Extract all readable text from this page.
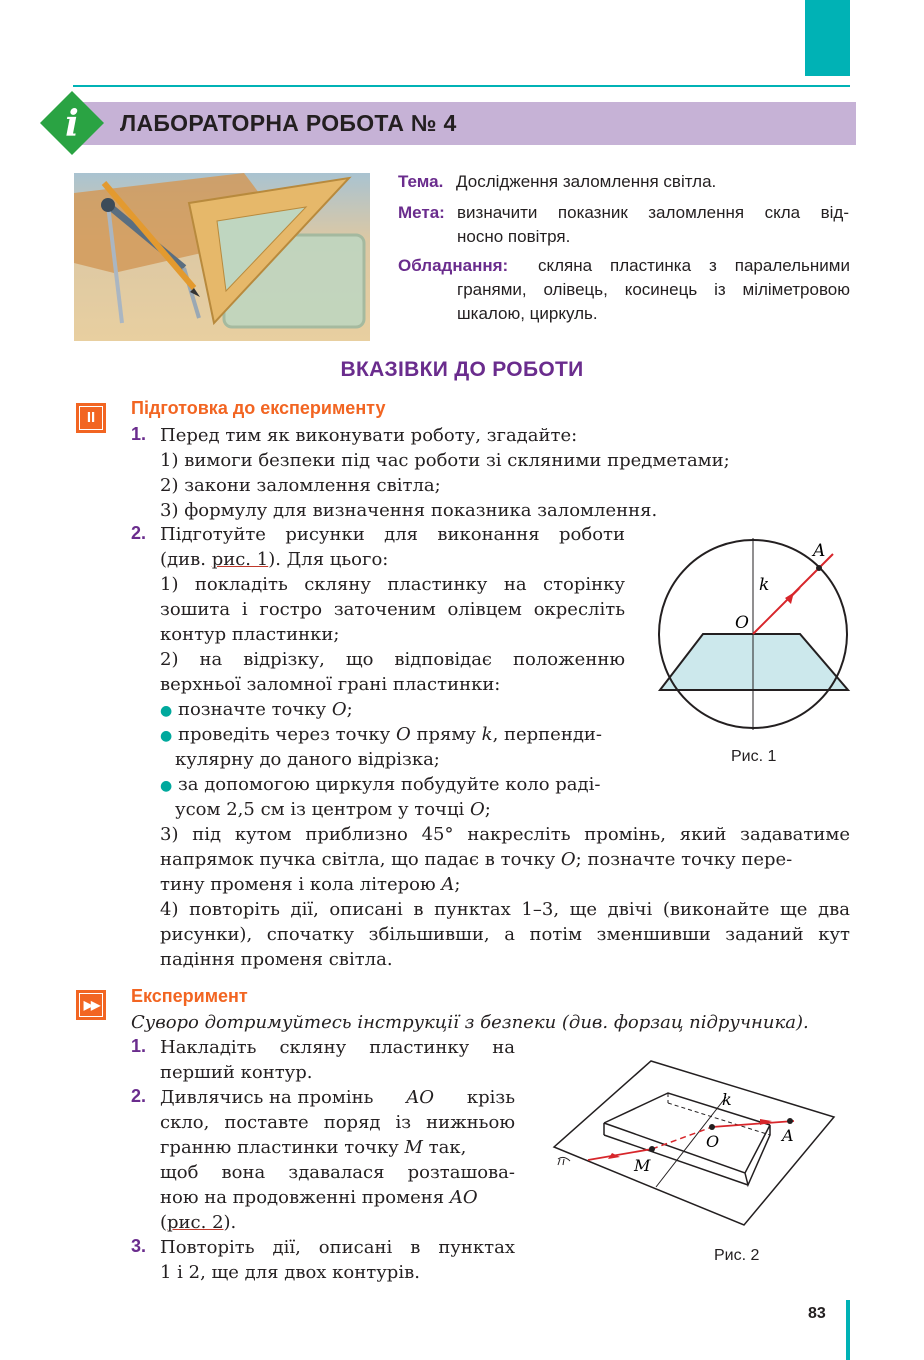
i ЛАБОРАТОРНА РОБОТА № 4
Тема. Дослідження заломлення світла.
Мета: визначити показник заломлення скла від-
носно повітря.
Обладнання: скляна пластинка з паралельними
гранями, олівець, косинець із міліметровою
шкалою, циркуль.
ВКАЗІВКИ ДО РОБОТИ
II	Підготовка до експерименту
1. Перед тим як виконувати роботу, згадайте:
1) вимоги безпеки під час роботи зі скляними предметами;
2) закони заломлення світла;
3) формулу для визначення показника заломлення.
2. Підготуйте рисунки для виконання роботи
(див. рис. 1). Для цього:
1) покладіть скляну пластинку на сторінку
зошита і гостро заточеним олівцем окресліть
контур пластинки;
2) на відрізку, що відповідає положенню
верхньої заломної грані пластинки:
● позначте точку O;
● проведіть через точку O пряму k, перпенди-
кулярну до даного відрізка;
● за допомогою циркуля побудуйте коло раді-
усом 2,5 см із центром у точці O;
3) під кутом приблизно 45° накресліть промінь, який задаватиме
напрямок пучка світла, що падає в точку O; позначте точку пере-
тину променя і кола літерою A;
4) повторіть дії, описані в пунктах 1–3, ще двічі (виконайте ще два
рисунки), спочатку збільшивши, а потім зменшивши заданий кут
падіння променя світла.
A
k
O
Рис. 1
▶▶ Експеримент
Суворо дотримуйтесь інструкції з безпеки (див. форзац підручника).
1. Накладіть скляну пластинку на
перший контур.
2. Дивлячись на промінь AO крізь
скло, поставте поряд із нижньою
гранню пластинки точку M так,
щоб вона здавалася розташова-
ною на продовженні променя AO
(рис. 2).
3. Повторіть дії, описані в пунктах
1 і 2, ще для двох контурів.
k
O	A
M
Рис. 2
83
